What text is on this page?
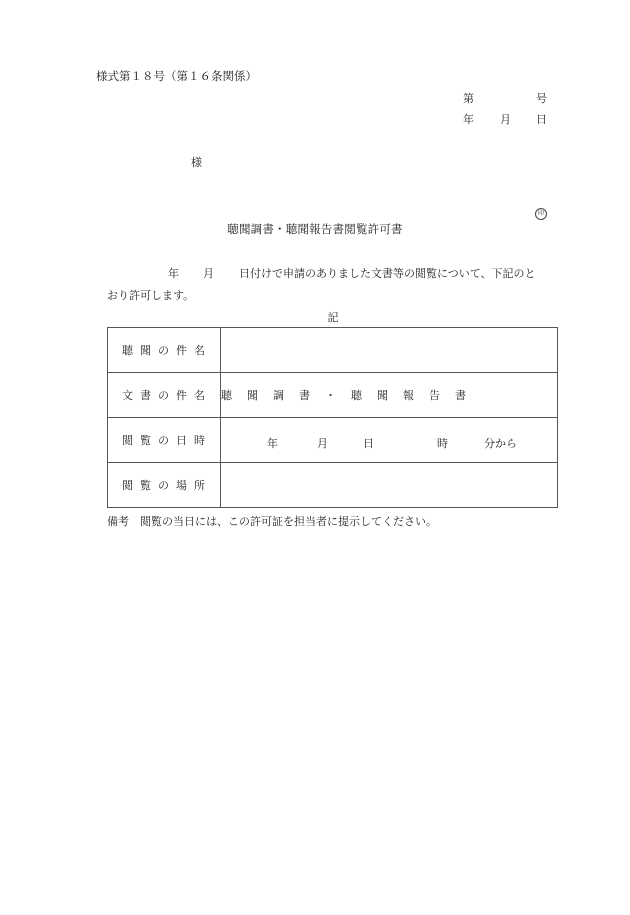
様式第１８号（第１６条関係）
第	号
年 月 日
様
印
聴聞調書・聴聞報告書閲覧許可書
年 月 日付けで申請のありました文書等の閲覧について、下記のと
おり許可します。
記
聴聞の件名	
文書の件名	聴聞調書・聴聞報告書
閲覧の日時	年 月 日 時 分から

閲覧の場所	
備考　閲覧の当日には、この許可証を担当者に提示してください。
